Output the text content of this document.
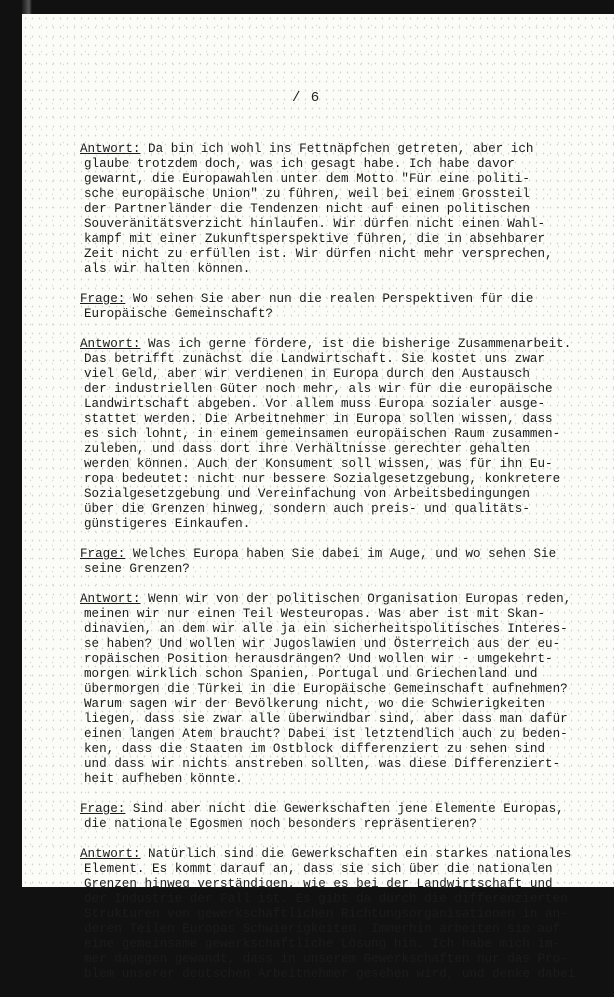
/ 6
Antwort: Da bin ich wohl ins Fettnäpfchen getreten, aber ich
glaube trotzdem doch, was ich gesagt habe. Ich habe davor
gewarnt, die Europawahlen unter dem Motto "Für eine politi-
sche europäische Union" zu führen, weil bei einem Grossteil
der Partnerländer die Tendenzen nicht auf einen politischen
Souveränitätsverzicht hinlaufen. Wir dürfen nicht einen Wahl-
kampf mit einer Zukunftsperspektive führen, die in absehbarer
Zeit nicht zu erfüllen ist. Wir dürfen nicht mehr versprechen,
als wir halten können.
Frage: Wo sehen Sie aber nun die realen Perspektiven für die
Europäische Gemeinschaft?
Antwort: Was ich gerne fördere, ist die bisherige Zusammenarbeit.
Das betrifft zunächst die Landwirtschaft. Sie kostet uns zwar
viel Geld, aber wir verdienen in Europa durch den Austausch
der industriellen Güter noch mehr, als wir für die europäische
Landwirtschaft abgeben. Vor allem muss Europa sozialer ausge-
stattet werden. Die Arbeitnehmer in Europa sollen wissen, dass
es sich lohnt, in einem gemeinsamen europäischen Raum zusammen-
zuleben, und dass dort ihre Verhältnisse gerechter gehalten
werden können. Auch der Konsument soll wissen, was für ihn Eu-
ropa bedeutet: nicht nur bessere Sozialgesetzgebung, konkretere
Sozialgesetzgebung und Vereinfachung von Arbeitsbedingungen
über die Grenzen hinweg, sondern auch preis- und qualitäts-
günstigeres Einkaufen.
Frage: Welches Europa haben Sie dabei im Auge, und wo sehen Sie
seine Grenzen?
Antwort: Wenn wir von der politischen Organisation Europas reden,
meinen wir nur einen Teil Westeuropas. Was aber ist mit Skan-
dinavien, an dem wir alle ja ein sicherheitspolitisches Interes-
se haben? Und wollen wir Jugoslawien und Österreich aus der eu-
ropäischen Position herausdrängen? Und wollen wir - umgekehrt-
morgen wirklich schon Spanien, Portugal und Griechenland und
übermorgen die Türkei in die Europäische Gemeinschaft aufnehmen?
Warum sagen wir der Bevölkerung nicht, wo die Schwierigkeiten
liegen, dass sie zwar alle überwindbar sind, aber dass man dafür
einen langen Atem braucht? Dabei ist letztendlich auch zu beden-
ken, dass die Staaten im Ostblock differenziert zu sehen sind
und dass wir nichts anstreben sollten, was diese Differenziert-
heit aufheben könnte.
Frage: Sind aber nicht die Gewerkschaften jene Elemente Europas,
die nationale Egosmen noch besonders repräsentieren?
Antwort: Natürlich sind die Gewerkschaften ein starkes nationales
Element. Es kommt darauf an, dass sie sich über die nationalen
Grenzen hinweg verständigen, wie es bei der Landwirtschaft und
der Industrie der Fall ist. Es gibt da durch die differenzierten
Strukturen von gewerkschaftlichen Richtungsorganisationen in an-
deren Teilen Europas Schwierigkeiten. Immerhin arbeiten sie auf
eine gemeinsame gewerkschaftliche Lösung hin. Ich habe mich im-
mer dagegen gewandt, dass in unserem Gewerkschaften nur das Pro-
blem unserer deutschen Arbeitnehmer gesehen wird, und denke dabei
